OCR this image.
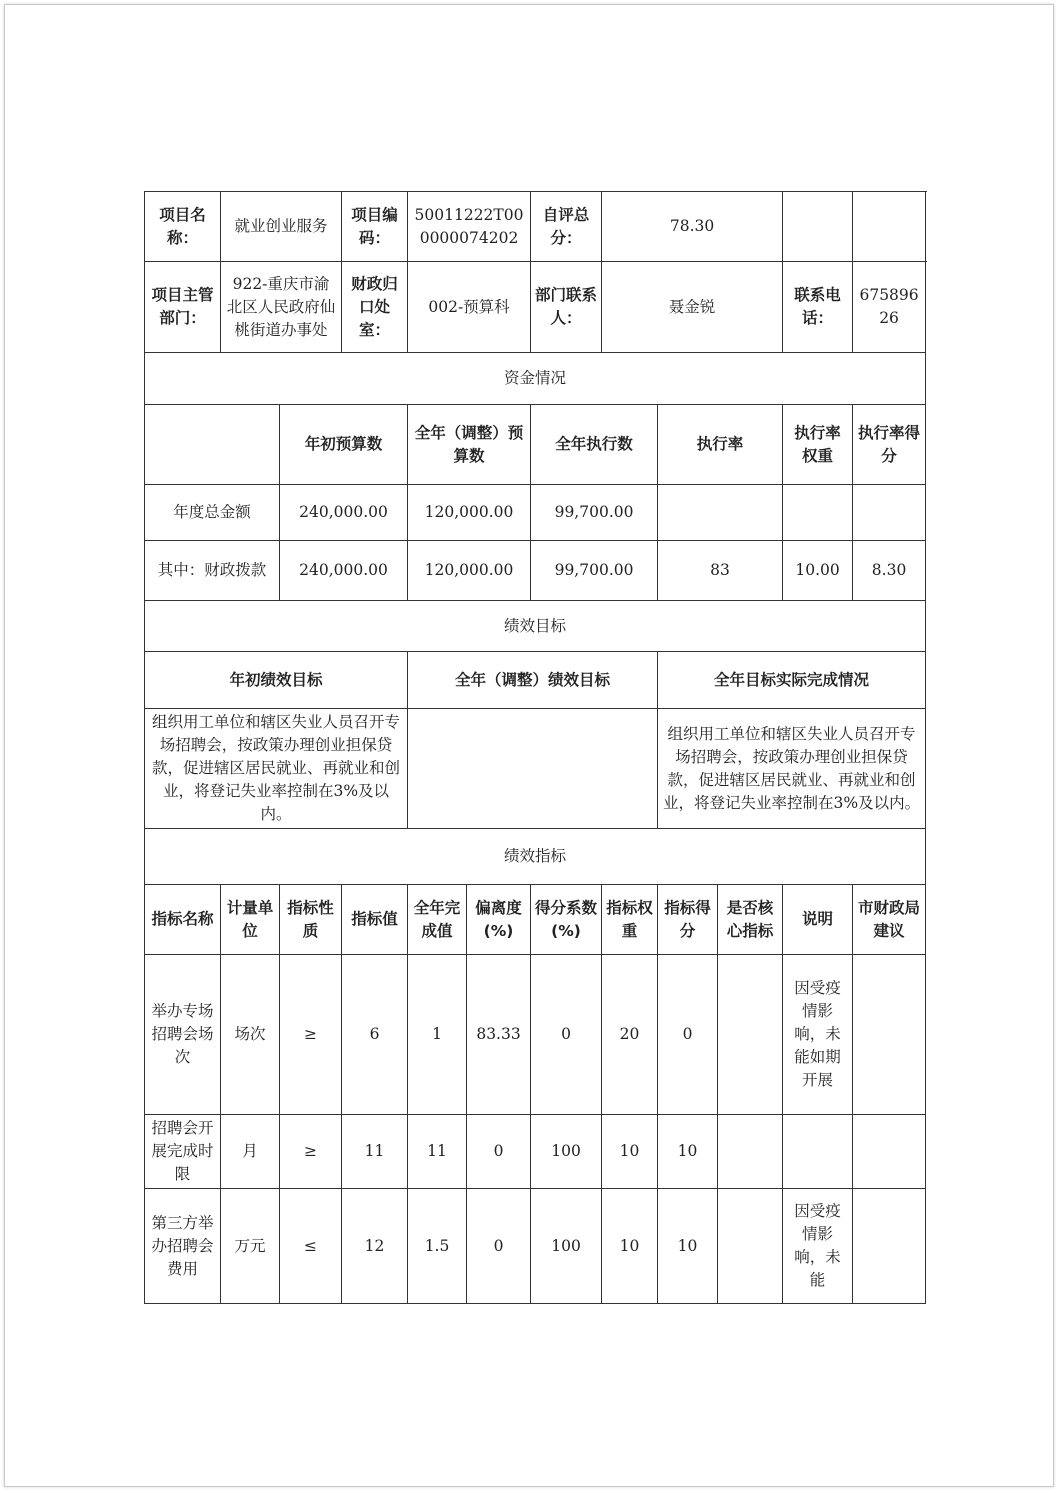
项目名称：	就业创业服务		项目编码：	50011222T000000074202		自评总分：	78.30				
项目主管部门：	922-重庆市渝北区人民政府仙桃街道办事处		财政归口处室：	002-预算科		部门联系人：	聂金锐			联系电话：	67589626
资金情况											
		年初预算数		全年（调整）预算数		全年执行数		执行率		执行率权重	执行率得分
年度总金额		240,000.00		120,000.00		99,700.00					
其中：财政拨款		240,000.00		120,000.00		99,700.00		83		10.00	8.30
绩效目标											
年初绩效目标				全年（调整）绩效目标				全年目标实际完成情况			
组织用工单位和辖区失业人员召开专场招聘会，按政策办理创业担保贷款，促进辖区居民就业、再就业和创业，将登记失业率控制在3%及以内。								组织用工单位和辖区失业人员召开专场招聘会，按政策办理创业担保贷款，促进辖区居民就业、再就业和创业，将登记失业率控制在3%及以内。			
绩效指标											
指标名称	计量单位	指标性质	指标值	全年完成值	偏离度(%)	得分系数(%)	指标权重	指标得分	是否核心指标	说明	市财政局建议
举办专场招聘会场次	场次	≥	6	1	83.33	0	20	0		因受疫情影响，未能如期开展	
招聘会开展完成时限	月	≥	11	11	0	100	10	10			
第三方举办招聘会费用	万元	≤	12	1.5	0	100	10	10		因受疫情影响，未能	
